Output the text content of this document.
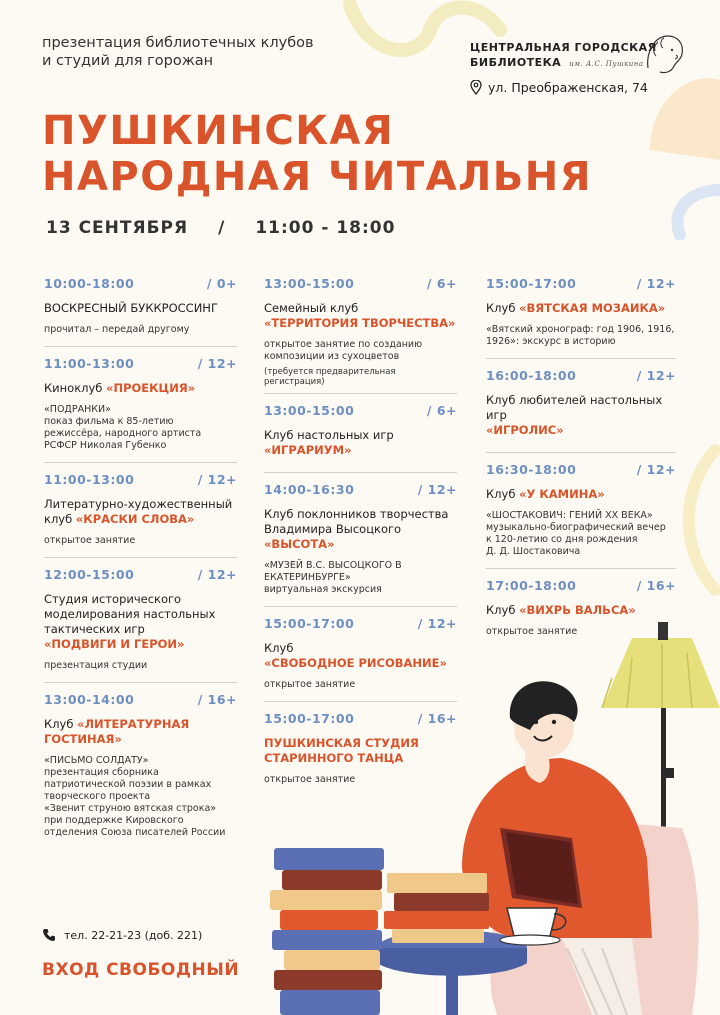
презентация библиотечных клубов
и студий для горожан
ЦЕНТРАЛЬНАЯ ГОРОДСКАЯ
БИБЛИОТЕКА им. А.С. Пушкина
ул. Преображенская, 74
ПУШКИНСКАЯ
НАРОДНАЯ ЧИТАЛЬНЯ
13 СЕНТЯБРЯ / 11:00 - 18:00
10:00-18:00	/ 0+
ВОСКРЕСНЫЙ БУККРОССИНГ
прочитал – передай другому
11:00-13:00	/ 12+
Киноклуб «ПРОЕКЦИЯ»
«ПОДРАНКИ»
показ фильма к 85-летию
режиссёра, народного артиста
РСФСР Николая Губенко
11:00-13:00	/ 12+
Литературно-художественный
клуб «КРАСКИ СЛОВА»
открытое занятие
12:00-15:00	/ 12+
Студия исторического
моделирования настольных
тактических игр
«ПОДВИГИ И ГЕРОИ»
презентация студии
13:00-14:00	/ 16+
Клуб «ЛИТЕРАТУРНАЯ ГОСТИНАЯ»
«ПИСЬМО СОЛДАТУ»
презентация сборника
патриотической поэзии в рамках
творческого проекта
«Звенит струною вятская строка»
при поддержке Кировского
отделения Союза писателей России
13:00-15:00	/ 6+
Семейный клуб
«ТЕРРИТОРИЯ ТВОРЧЕСТВА»
открытое занятие по созданию
композиции из сухоцветов
(требуется предварительная регистрация)
13:00-15:00	/ 6+
Клуб настольных игр
«ИГРАРИУМ»
14:00-16:30	/ 12+
Клуб поклонников творчества
Владимира Высоцкого
«ВЫСОТА»
«МУЗЕЙ В.С. ВЫСОЦКОГО В
ЕКАТЕРИНБУРГЕ»
виртуальная экскурсия
15:00-17:00	/ 12+
Клуб
«СВОБОДНОЕ РИСОВАНИЕ»
открытое занятие
15:00-17:00	/ 16+
ПУШКИНСКАЯ СТУДИЯ
СТАРИННОГО ТАНЦА
открытое занятие
15:00-17:00	/ 12+
Клуб «ВЯТСКАЯ МОЗАИКА»
«Вятский хронограф: год 1906, 1916,
1926»: экскурс в историю
16:00-18:00	/ 12+
Клуб любителей настольных игр
«ИГРОЛИС»
16:30-18:00	/ 12+
Клуб «У КАМИНА»
«ШОСТАКОВИЧ: ГЕНИЙ XX ВЕКА»
музыкально-биографический вечер
к 120-летию со дня рождения
Д. Д. Шостаковича
17:00-18:00	/ 16+
Клуб «ВИХРЬ ВАЛЬСА»
открытое занятие
тел. 22-21-23 (доб. 221)
ВХОД СВОБОДНЫЙ
